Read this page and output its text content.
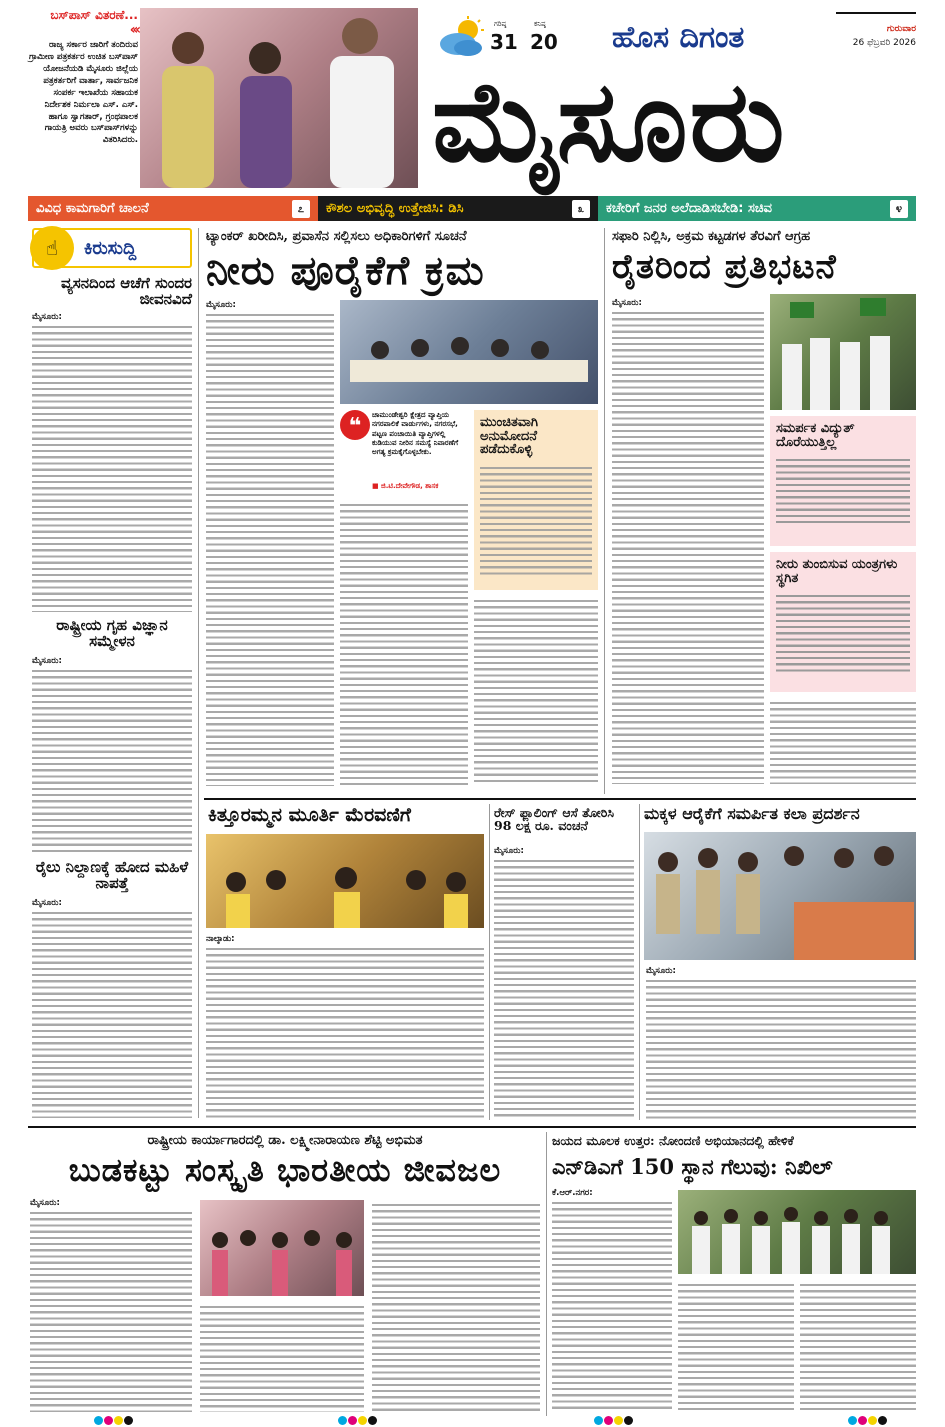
ಬಸ್‌ಪಾಸ್ ವಿತರಣೆ...
‹‹‹
ರಾಜ್ಯ ಸರ್ಕಾರ ಜಾರಿಗೆ ತಂದಿರುವ ಗ್ರಾಮೀಣ ಪತ್ರಕರ್ತರ ಉಚಿತ ಬಸ್‌ಪಾಸ್ ಯೋಜನೆಯಡಿ ಮೈಸೂರು ಜಿಲ್ಲೆಯ ಪತ್ರಕರ್ತರಿಗೆ ವಾರ್ತಾ, ಸಾರ್ವಜನಿಕ ಸಂಪರ್ಕ ಇಲಾಖೆಯ ಸಹಾಯಕ ನಿರ್ದೇಶಕ ನಿರ್ಮಲಾ ಎಸ್. ಎಸ್. ಹಾಗೂ ಸ್ವಾಗತಾರ್, ಗ್ರಂಥಪಾಲಕ ಗಾಯತ್ರಿ ಅವರು ಬಸ್‌ಪಾಸ್‌ಗಳನ್ನು ವಿತರಿಸಿದರು.
ಗರಿಷ್ಠ
31
ಕನಿಷ್ಠ
20 ಹೊಸ ದಿಗಂತ	ಗುರುವಾರ
26 ಫೆಬ್ರವರಿ 2026
ಮೈಸೂರು
ವಿವಿಧ ಕಾಮಗಾರಿಗೆ ಚಾಲನೆ	೭	ಕೌಶಲ ಅಭಿವೃದ್ಧಿ ಉತ್ತೇಜಿಸಿ: ಡಿಸಿ	೩	ಕಚೇರಿಗೆ ಜನರ ಅಲೆದಾಡಿಸಬೇಡಿ: ಸಚಿವ	೪
☝	ಕಿರುಸುದ್ದಿ
ವ್ಯಸನದಿಂದ ಆಚೆಗೆ ಸುಂದರ ಜೀವನವಿದೆ
ಮೈಸೂರು:
ರಾಷ್ಟ್ರೀಯ ಗೃಹ ವಿಜ್ಞಾನ ಸಮ್ಮೇಳನ
ಮೈಸೂರು:
ರೈಲು ನಿಲ್ದಾಣಕ್ಕೆ ಹೋದ ಮಹಿಳೆ ನಾಪತ್ತೆ
ಮೈಸೂರು:
ಟ್ಯಾಂಕರ್ ಖರೀದಿಸಿ, ಪ್ರವಾಸೆನ ಸಲ್ಲಿಸಲು ಅಧಿಕಾರಿಗಳಿಗೆ ಸೂಚನೆ
ನೀರು ಪೂರೈಕೆಗೆ ಕ್ರಮ
ಮೈಸೂರು:
❝	ಚಾಮುಂಡೇಶ್ವರಿ ಕ್ಷೇತ್ರದ ವ್ಯಾಪ್ತಿಯ ನಗರಪಾಲಿಕೆ ವಾರ್ಡುಗಳು, ನಗರಸಭೆ, ಪಟ್ಟಣ ಪಂಚಾಯಿತಿ ವ್ಯಾಪ್ತಿಗಳಲ್ಲಿ ಕುಡಿಯುವ ನೀರಿನ ಸಮಸ್ಯೆ ನಿವಾರಣೆಗೆ ಅಗತ್ಯ ಕ್ರಮಕೈಗೊಳ್ಳಬೇಕು.
■ ಜಿ.ಟಿ.ದೇವೇಗೌಡ, ಶಾಸಕ
ಮುಂಚಿತವಾಗಿ ಅನುಮೋದನೆ ಪಡೆದುಕೊಳ್ಳಿ
ಸಫಾರಿ ನಿಲ್ಲಿಸಿ, ಅಕ್ರಮ ಕಟ್ಟಡಗಳ ತೆರವಿಗೆ ಆಗ್ರಹ
ರೈತರಿಂದ ಪ್ರತಿಭಟನೆ
ಮೈಸೂರು:
ಸಮರ್ಪಕ ವಿದ್ಯುತ್ ದೊರೆಯುತ್ತಿಲ್ಲ
ನೀರು ತುಂಬಿಸುವ ಯಂತ್ರಗಳು ಸ್ಥಗಿತ
ಕಿತ್ತೂರಮ್ಮನ ಮೂರ್ತಿ ಮೆರವಣಿಗೆ
ನಾಲ್ಕಾಡು:
ರೇಸ್ ಫ್ಲಾಲಿಂಗ್ ಆಸೆ ತೋರಿಸಿ 98 ಲಕ್ಷ ರೂ. ವಂಚನೆ
ಮೈಸೂರು:
ಮಕ್ಕಳ ಆರೈಕೆಗೆ ಸಮರ್ಪಿತ ಕಲಾ ಪ್ರದರ್ಶನ
ಮೈಸೂರು:
ರಾಷ್ಟ್ರೀಯ ಕಾರ್ಯಾಗಾರದಲ್ಲಿ ಡಾ. ಲಕ್ಷ್ಮೀನಾರಾಯಣ ಶೆಟ್ಟಿ ಅಭಿಮತ
ಬುಡಕಟ್ಟು ಸಂಸ್ಕೃತಿ ಭಾರತೀಯ ಜೀವಜಲ
ಮೈಸೂರು:
ಜಯದ ಮೂಲಕ ಉತ್ತರ: ನೋಂದಣಿ ಅಭಿಯಾನದಲ್ಲಿ ಹೇಳಿಕೆ
ಎನ್‌ಡಿಎಗೆ 150 ಸ್ಥಾನ ಗೆಲುವು: ನಿಖಿಲ್
ಕೆ.ಆರ್.ನಗರ:
